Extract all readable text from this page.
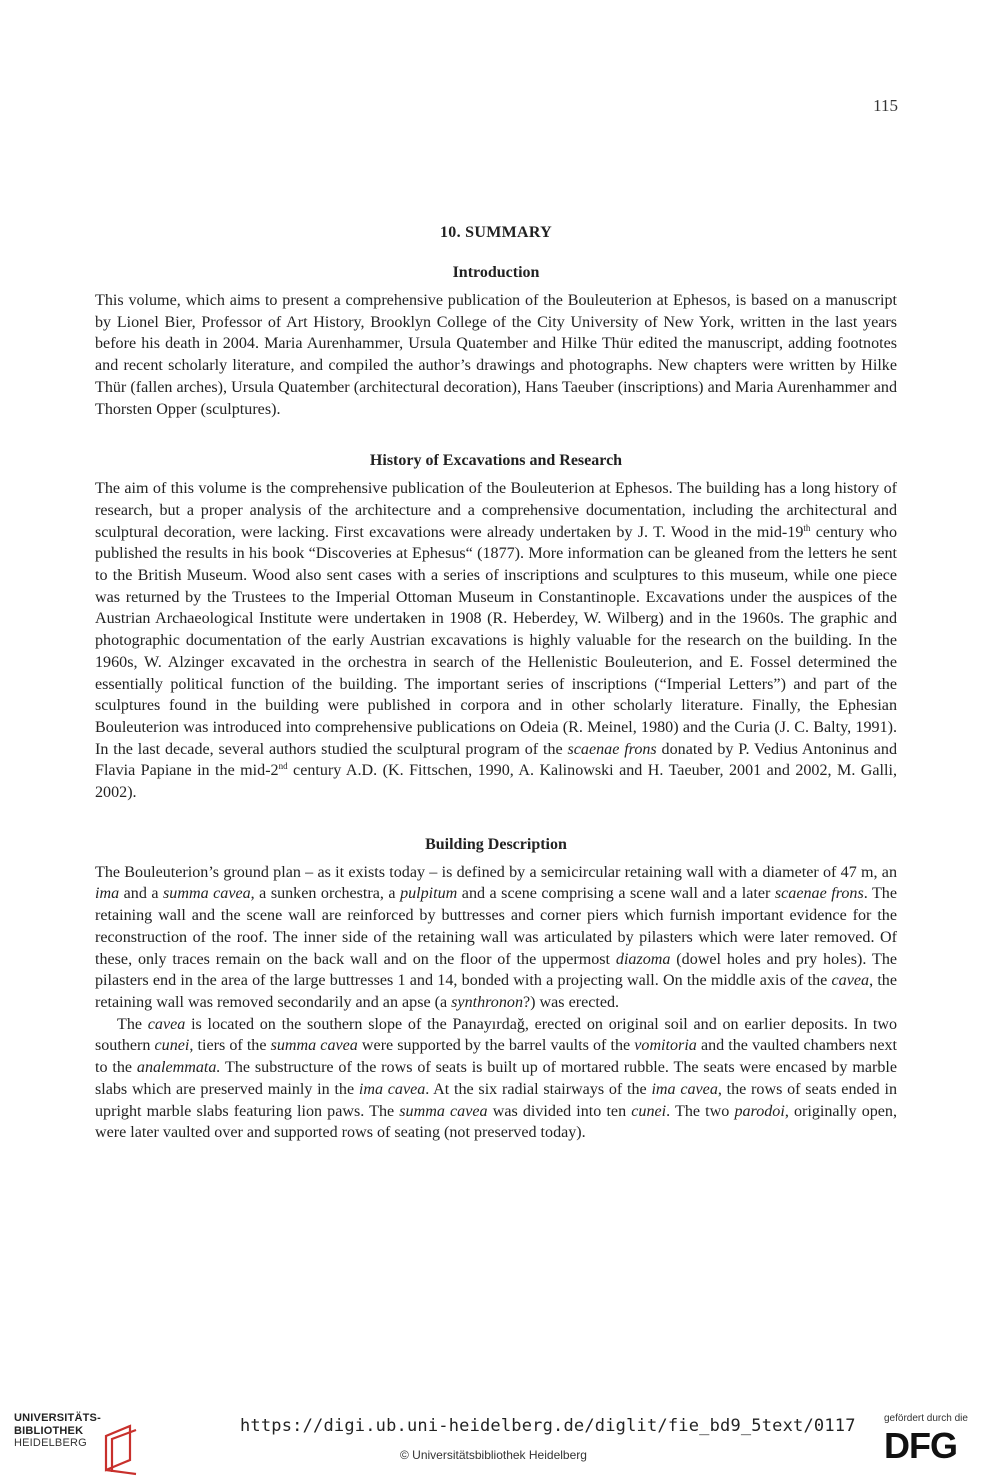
115
10. SUMMARY
Introduction

This volume, which aims to present a comprehensive publication of the Bouleuterion at Ephesos, is based on a manuscript by Lionel Bier, Professor of Art History, Brooklyn College of the City University of New York, written in the last years before his death in 2004. Maria Aurenhammer, Ursula Quatember and Hilke Thür edited the manuscript, adding footnotes and recent scholarly literature, and compiled the author’s drawings and photographs. New chapters were written by Hilke Thür (fallen arches), Ursula Quatember (architectural decoration), Hans Taeuber (inscriptions) and Maria Aurenhammer and Thorsten Opper (sculptures).

History of Excavations and Research

The aim of this volume is the comprehensive publication of the Bouleuterion at Ephesos. The building has a long history of research, but a proper analysis of the architecture and a comprehensive documentation, including the architectural and sculptural decoration, were lacking. First excavations were already undertaken by J. T. Wood in the mid-19th century who published the results in his book “Discoveries at Ephesus“ (1877). More information can be gleaned from the letters he sent to the British Museum. Wood also sent cases with a series of inscriptions and sculptures to this museum, while one piece was returned by the Trustees to the Imperial Ottoman Museum in Constantinople. Excavations under the auspices of the Austrian Archaeological Institute were undertaken in 1908 (R. Heberdey, W. Wilberg) and in the 1960s. The graphic and photographic documentation of the early Austrian excavations is highly valuable for the research on the building. In the 1960s, W. Alzinger excavated in the orchestra in search of the Hellenistic Bouleuterion, and E. Fossel determined the essentially political function of the building. The important series of inscriptions (“Imperial Letters”) and part of the sculptures found in the building were published in corpora and in other scholarly literature. Finally, the Ephesian Bouleuterion was introduced into comprehensive publications on Odeia (R. Meinel, 1980) and the Curia (J. C. Balty, 1991). In the last decade, several authors studied the sculptural program of the scaenae frons donated by P. Vedius Antoninus and Flavia Papiane in the mid-2nd century A.D. (K. Fittschen, 1990, A. Kalinowski and H. Taeuber, 2001 and 2002, M. Galli, 2002).

Building Description

The Bouleuterion’s ground plan – as it exists today – is defined by a semicircular retaining wall with a diameter of 47 m, an ima and a summa cavea, a sunken orchestra, a pulpitum and a scene comprising a scene wall and a later scaenae frons. The retaining wall and the scene wall are reinforced by buttresses and corner piers which furnish important evidence for the reconstruction of the roof. The inner side of the retaining wall was articulated by pilasters which were later removed. Of these, only traces remain on the back wall and on the floor of the uppermost diazoma (dowel holes and pry holes). The pilasters end in the area of the large buttresses 1 and 14, bonded with a projecting wall. On the middle axis of the cavea, the retaining wall was removed secondarily and an apse (a synthronon?) was erected.

The cavea is located on the southern slope of the Panayırdağ, erected on original soil and on earlier deposits. In two southern cunei, tiers of the summa cavea were supported by the barrel vaults of the vomitoria and the vaulted chambers next to the analemmata. The substructure of the rows of seats is built up of mortared rubble. The seats were encased by marble slabs which are preserved mainly in the ima cavea. At the six radial stairways of the ima cavea, the rows of seats ended in upright marble slabs featuring lion paws. The summa cavea was divided into ten cunei. The two parodoi, originally open, were later vaulted over and supported rows of seating (not preserved today).

UNIVERSITÄTS-
BIBLIOTHEK
HEIDELBERG
https://digi.ub.uni-heidelberg.de/diglit/fie_bd9_5text/0117
© Universitätsbibliothek Heidelberg
gefördert durch die
DFG
